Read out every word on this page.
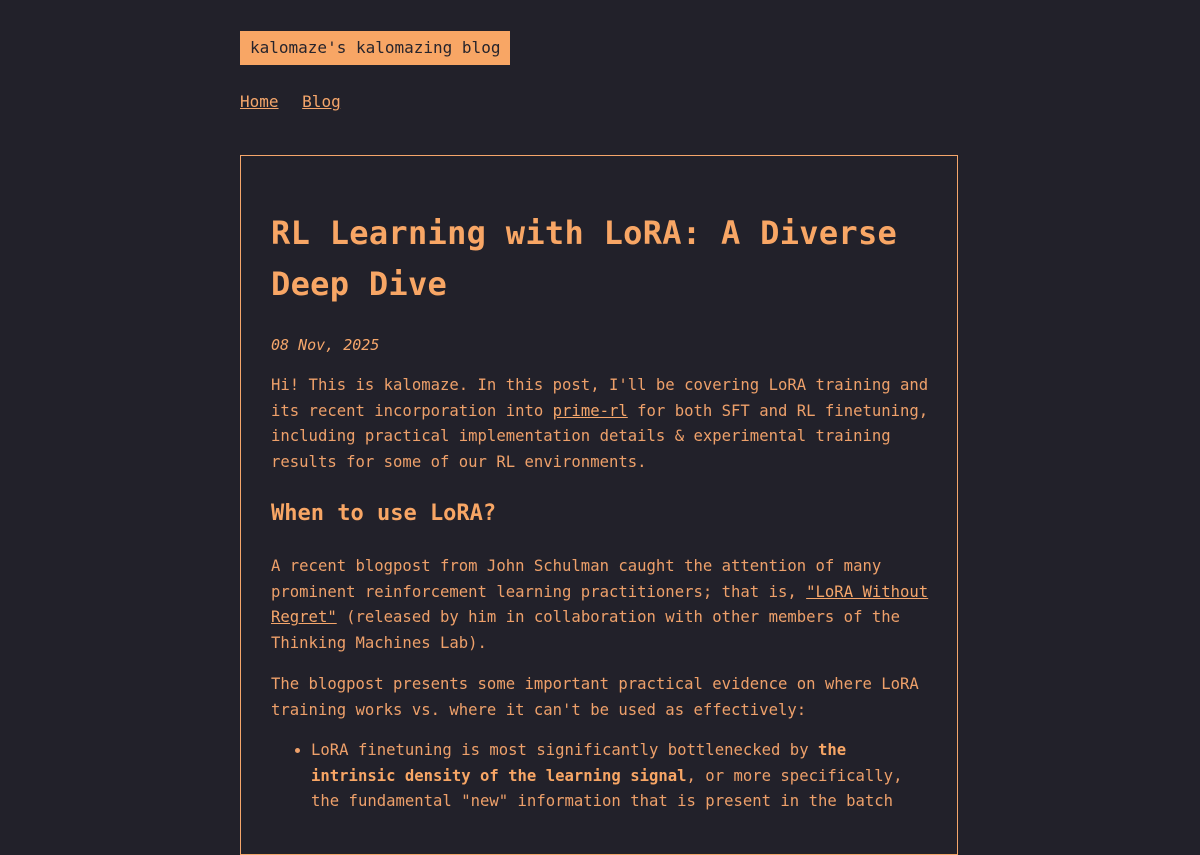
kalomaze's kalomazing blog
Home Blog
RL Learning with LoRA: A Diverse Deep Dive
08 Nov, 2025

Hi! This is kalomaze. In this post, I'll be covering LoRA training and its recent incorporation into prime-rl for both SFT and RL finetuning, including practical implementation details & experimental training results for some of our RL environments.

When to use LoRA?

A recent blogpost from John Schulman caught the attention of many prominent reinforcement learning practitioners; that is, "LoRA Without Regret" (released by him in collaboration with other members of the Thinking Machines Lab).

The blogpost presents some important practical evidence on where LoRA training works vs. where it can't be used as effectively:

• LoRA finetuning is most significantly bottlenecked by the intrinsic density of the learning signal, or more specifically, the fundamental "new" information that is present in the batch
